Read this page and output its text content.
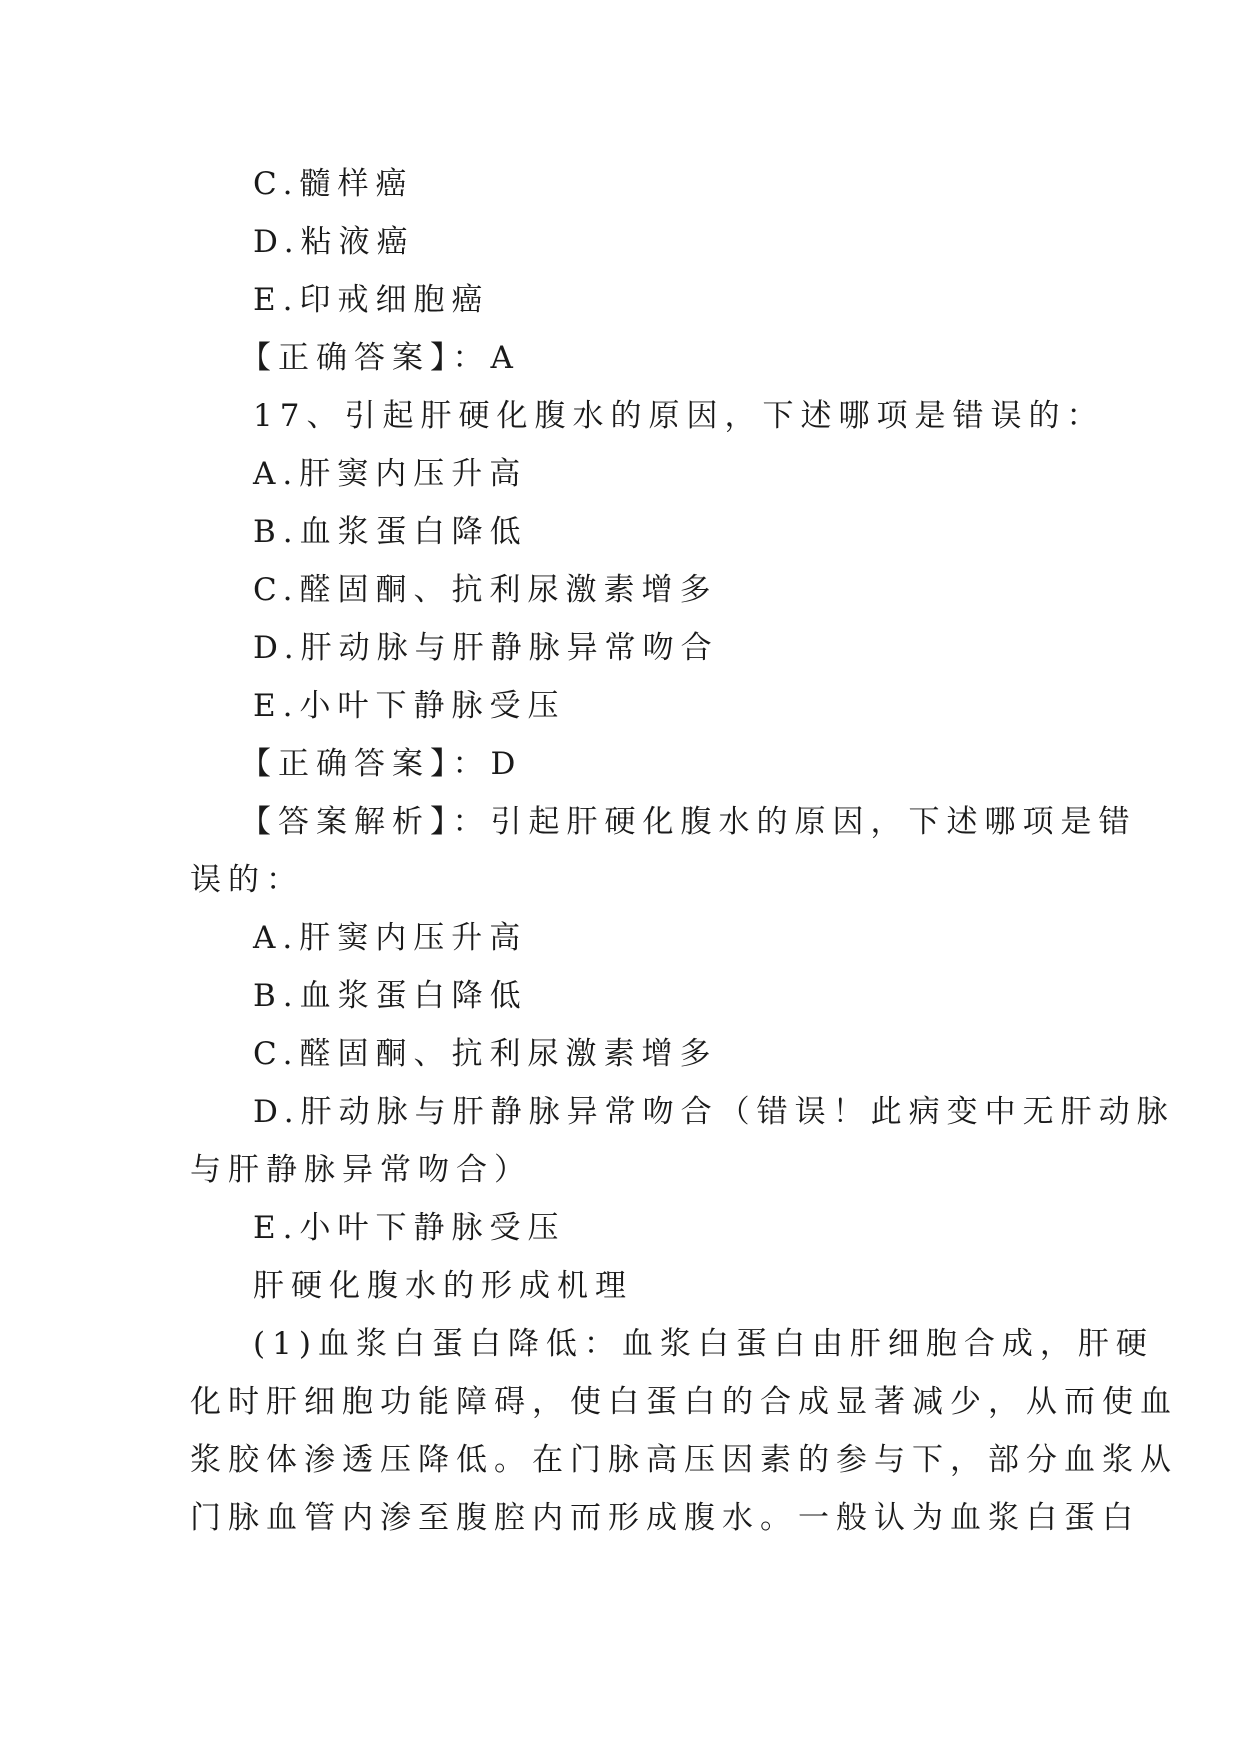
C.髓样癌
D.粘液癌
E.印戒细胞癌
【正确答案】：A
17、引起肝硬化腹水的原因，下述哪项是错误的：
A.肝窦内压升高
B.血浆蛋白降低
C.醛固酮、抗利尿激素增多
D.肝动脉与肝静脉异常吻合
E.小叶下静脉受压
【正确答案】：D
【答案解析】：引起肝硬化腹水的原因，下述哪项是错
误的：
A.肝窦内压升高
B.血浆蛋白降低
C.醛固酮、抗利尿激素增多
D.肝动脉与肝静脉异常吻合（错误！此病变中无肝动脉
与肝静脉异常吻合）
E.小叶下静脉受压
肝硬化腹水的形成机理
(1)血浆白蛋白降低：血浆白蛋白由肝细胞合成，肝硬
化时肝细胞功能障碍，使白蛋白的合成显著减少，从而使血
浆胶体渗透压降低。在门脉高压因素的参与下，部分血浆从
门脉血管内渗至腹腔内而形成腹水。一般认为血浆白蛋白
